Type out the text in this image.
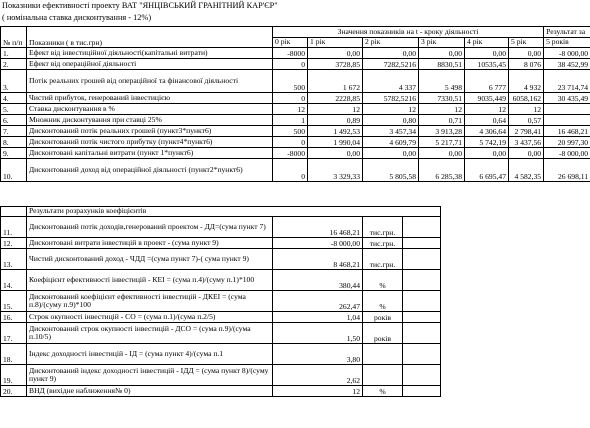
Показники ефективності проекту ВАТ "ЯНЦІВСЬКИЙ ГРАНІТНИЙ КАР'ЄР"
( номінальна ставка дисконтування - 12%)
№ п/п	Показники ( в тис.грн)	Значення показників на t - кроку діяльності						Результат за
		0 рік	1 рік	2 рік	3 рік	4 рік	5 рік	5 років
1.	Ефект від інвестиційної діяльності(капітальні витрати)	-8000	0,00	0,00	0,00	0,00	0,00	-8 000,00
2.	Ефект від операційної діяльності	0	3728,85	7282,5216	8830,51	10535,45	8 076	38 452,99
3.	Потік реальних грошей від операційної та фінансової діяльності	500	1 672	4 337	5 498	6 777	4 932	23 714,74
4.	Чистий прибуток, генерований інвестицією	0	2228,85	5782,5216	7330,51	9035,449	6058,162	30 435,49
5.	Ставка дисконтування в %	12	12	12	12	12	12	
6.	Множник дисконтування при ставці 25%	1	0,89	0,80	0,71	0,64	0,57	
7.	Дисконтований потік реальних грошей (пункт3*пункт6)	500	1 492,53	3 457,34	3 913,28	4 306,64	2 798,41	16 468,21
8.	Дисконтований потік чистого прибутку (пункт4*пункт6)	0	1 990,04	4 609,79	5 217,71	5 742,19	3 437,56	20 997,30
9.	Дисконтовані капітальні витрати (пункт 1*пункт6)	-8000	0,00	0,00	0,00	0,00	0,00	-8 000,00
10.	Дисконтований доход від операційної діяльності (пункт2*пункт6)	0	3 329,33	5 805,58	6 285,38	6 695,47	4 582,35	26 698,11
	Результати розрахунків коефіцієнтів			
11.	Дисконтований потік доходів,генерований проектом - ДД=(сума пункт 7)	16 468,21	тис.грн.	
12.	Дисконтовані витрати інвестицій в проект - (сума пункт 9)	-8 000,00	тис.грн.	
13.	Чистий дисконтований доход - ЧДД =(сума пункт 7)-( сума пункт 9)	8 468,21	тис.грн.	
14.	Коефіцієнт ефективності інвестицій - КЕІ = (сума п.4)/(суму п.1)*100	380,44	%	
15.	Дисконтований коефіцієнт ефективності інвестицій - ДКЕІ = (сума п.8)/(суму п.9)*100	262,47	%	
16.	Строк окупності інвестицій - СО = (сума п.1)/(сума п.2/5)	1,04	років	
17.	Дисконтований строк окупності інвестицій - ДСО = (сума п.9)/(сума п.10/5)	1,50	років	
18.	Індекс доходності інвестицій - ІД = (сума пункт 4)/(сума п.1	3,80		
19.	Дисконтований індекс доходності інвестицій - ІДД = (сума пункт 8)/(суму пункт 9)	2,62		
20.	ВНД (вихідне наближення№ 0)	12	%	
